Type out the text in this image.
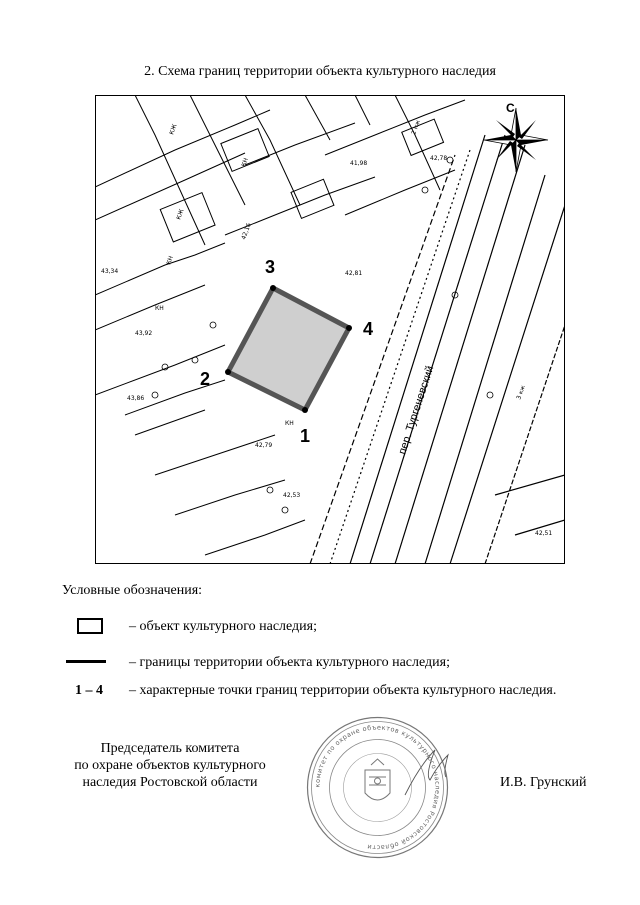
2. Схема границ территории объекта культурного наследия
42,16
41,98
42,81
43,34
43,92
43,86
42,79
42,53
42,78
42,51
КЖ
КН
КЖ
КН
КН
КН
3 кж
2 нж
пер. Тургеневский
С
1
2
3
4
Условные обозначения:
– объект культурного наследия;
– границы территории объекта культурного наследия;
1 – 4 – характерные точки границ территории объекта культурного наследия.
Председатель комитета
по охране объектов культурного
наследия Ростовской области	комитет по охране объектов культурного наследия Ростовской области
И.В. Грунский
